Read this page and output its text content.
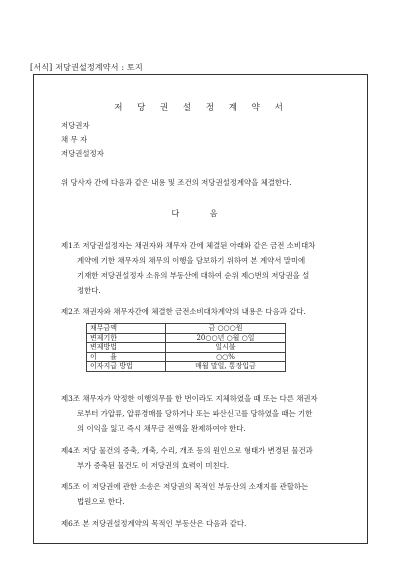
[서식] 저당권설정계약서 : 토지
저 당 권 설 정 계 약 서
저당권자
채 무 자
저당권설정자
위 당사자 간에 다음과 같은 내용 및 조건의 저당권설정계약을 체결한다.
다 음
제1조 저당권설정자는 채권자와 채무자 간에 체결된 아래와 같은 금전 소비대차
계약에 기한 채무자의 채무의 이행을 담보하기 위하여 본 계약서 말미에
기재한 저당권설정자 소유의 부동산에 대하여 순위 제○번의 저당권을 설
정한다.
제2조 채권자와 채무자간에 체결한 금전소비대차계약의 내용은 다음과 같다.
채무금액	금 ○○○원
변제기한	20○○년 ○월 ○일
변제방법	일시불
이      율	○○%
이자지급 방법	매월 말일, 통장입금
제3조 채무자가 약정한 이행의무를 한 번이라도 지체하였을 때 또는 다른 채권자
로부터 가압류, 압류경매를 당하거나 또는 파산신고를 당하였을 때는 기한
의 이익을 잃고 즉시 채무금 전액을 완제하여야 한다.
제4조 저당 물건의 증축, 개축, 수리, 개조 등의 원인으로 형태가 변경된 물건과
부가 증축된 물건도 이 저당권의 효력이 미친다.
제5조 이 저당권에 관한 소송은 저당권의 목적인 부동산의 소재지를 관할하는
법원으로 한다.
제6조 본 저당권설정계약의 목적인 부동산은 다음과 같다.
